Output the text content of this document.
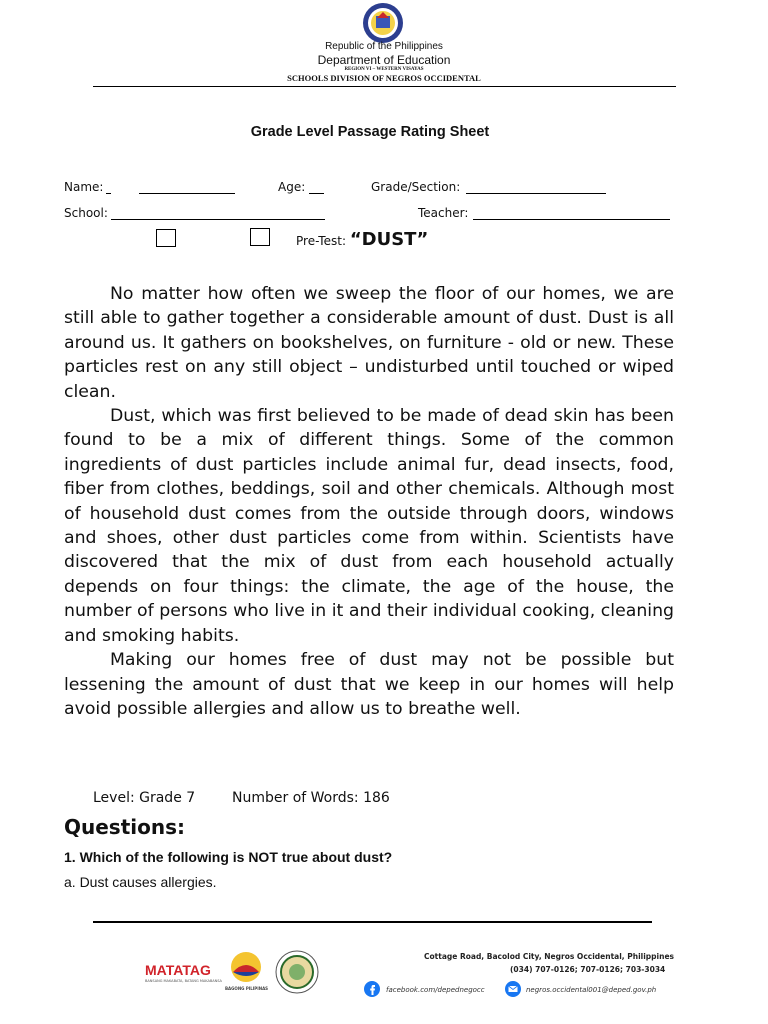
Republic of the Philippines
Department of Education
REGION VI – WESTERN VISAYAS
SCHOOLS DIVISION OF NEGROS OCCIDENTAL
Grade Level Passage Rating Sheet
Name:	Age:	Grade/Section:
School:	Teacher:
Pre-Test: “DUST”

No matter how often we sweep the floor of our homes, we are still able to gather together a considerable amount of dust. Dust is all around us. It gathers on bookshelves, on furniture - old or new. These particles rest on any still object – undisturbed until touched or wiped clean.

Dust, which was first believed to be made of dead skin has been found to be a mix of different things. Some of the common ingredients of dust particles include animal fur, dead insects, food, fiber from clothes, beddings, soil and other chemicals. Although most of household dust comes from the outside through doors, windows and shoes, other dust particles come from within. Scientists have discovered that the mix of dust from each household actually depends on four things: the climate, the age of the house, the number of persons who live in it and their individual cooking, cleaning and smoking habits.

Making our homes free of dust may not be possible but lessening the amount of dust that we keep in our homes will help avoid possible allergies and allow us to breathe well.

Level: Grade 7	Number of Words: 186
Questions:
1. Which of the following is NOT true about dust?
a. Dust causes allergies.
MATATAG
BANSANG MAKABATA, BATANG MAKABANSA
BAGONG PILIPINAS
Cottage Road, Bacolod City, Negros Occidental, Philippines
(034) 707-0126; 707-0126; 703-3034
facebook.com/depednegocc	negros.occidental001@deped.gov.ph
